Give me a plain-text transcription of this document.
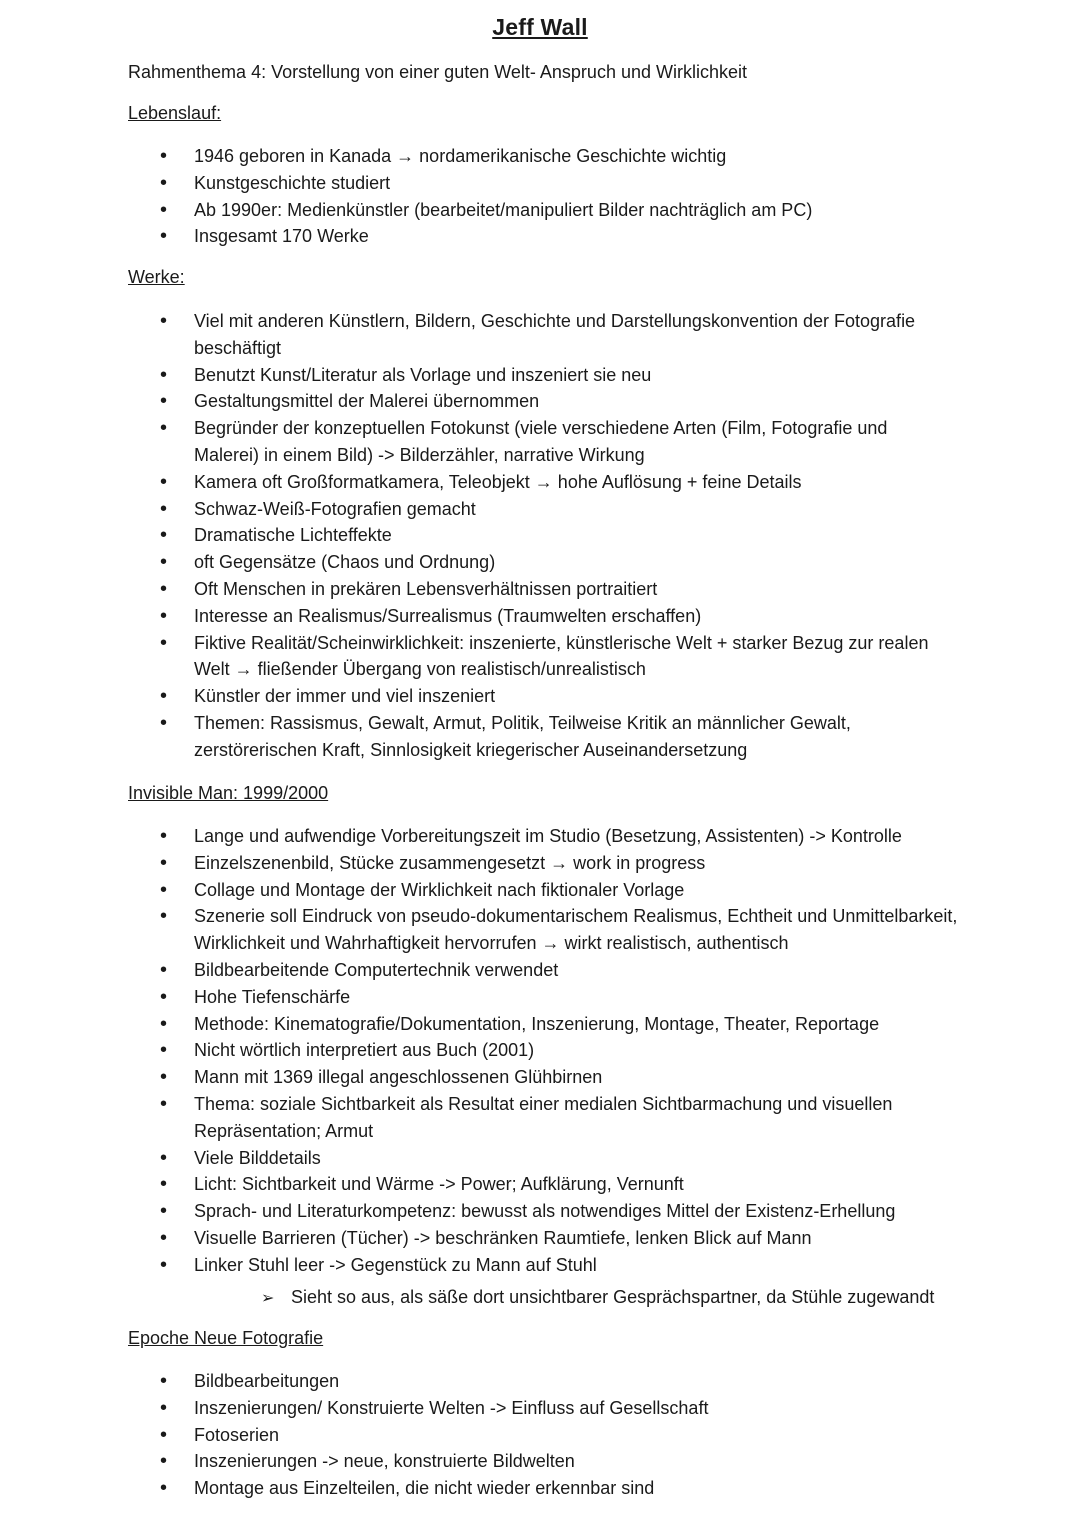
Jeff Wall
Rahmenthema 4: Vorstellung von einer guten Welt- Anspruch und Wirklichkeit
Lebenslauf:
• 1946 geboren in Kanada → nordamerikanische Geschichte wichtig
• Kunstgeschichte studiert
• Ab 1990er: Medienkünstler (bearbeitet/manipuliert Bilder nachträglich am PC)
• Insgesamt 170 Werke
Werke:
• Viel mit anderen Künstlern, Bildern, Geschichte und Darstellungskonvention der Fotografie beschäftigt
• Benutzt Kunst/Literatur als Vorlage und inszeniert sie neu
• Gestaltungsmittel der Malerei übernommen
• Begründer der konzeptuellen Fotokunst (viele verschiedene Arten (Film, Fotografie und Malerei) in einem Bild) -> Bilderzähler, narrative Wirkung
• Kamera oft Großformatkamera, Teleobjekt → hohe Auflösung + feine Details
• Schwaz-Weiß-Fotografien gemacht
• Dramatische Lichteffekte
• oft Gegensätze (Chaos und Ordnung)
• Oft Menschen in prekären Lebensverhältnissen portraitiert
• Interesse an Realismus/Surrealismus (Traumwelten erschaffen)
• Fiktive Realität/Scheinwirklichkeit: inszenierte, künstlerische Welt + starker Bezug zur realen Welt → fließender Übergang von realistisch/unrealistisch
• Künstler der immer und viel inszeniert
• Themen: Rassismus, Gewalt, Armut, Politik, Teilweise Kritik an männlicher Gewalt, zerstörerischen Kraft, Sinnlosigkeit kriegerischer Auseinandersetzung
Invisible Man: 1999/2000
• Lange und aufwendige Vorbereitungszeit im Studio (Besetzung, Assistenten) -> Kontrolle
• Einzelszenenbild, Stücke zusammengesetzt → work in progress
• Collage und Montage der Wirklichkeit nach fiktionaler Vorlage
• Szenerie soll Eindruck von pseudo-dokumentarischem Realismus, Echtheit und Unmittelbarkeit, Wirklichkeit und Wahrhaftigkeit hervorrufen → wirkt realistisch, authentisch
• Bildbearbeitende Computertechnik verwendet
• Hohe Tiefenschärfe
• Methode: Kinematografie/Dokumentation, Inszenierung, Montage, Theater, Reportage
• Nicht wörtlich interpretiert aus Buch (2001)
• Mann mit 1369 illegal angeschlossenen Glühbirnen
• Thema: soziale Sichtbarkeit als Resultat einer medialen Sichtbarmachung und visuellen Repräsentation; Armut
• Viele Bilddetails
• Licht: Sichtbarkeit und Wärme -> Power; Aufklärung, Vernunft
• Sprach- und Literaturkompetenz: bewusst als notwendiges Mittel der Existenz-Erhellung
• Visuelle Barrieren (Tücher) -> beschränken Raumtiefe, lenken Blick auf Mann
• Linker Stuhl leer -> Gegenstück zu Mann auf Stuhl
➢ Sieht so aus, als säße dort unsichtbarer Gesprächspartner, da Stühle zugewandt
Epoche Neue Fotografie
• Bildbearbeitungen
• Inszenierungen/ Konstruierte Welten -> Einfluss auf Gesellschaft
• Fotoserien
• Inszenierungen -> neue, konstruierte Bildwelten
• Montage aus Einzelteilen, die nicht wieder erkennbar sind
